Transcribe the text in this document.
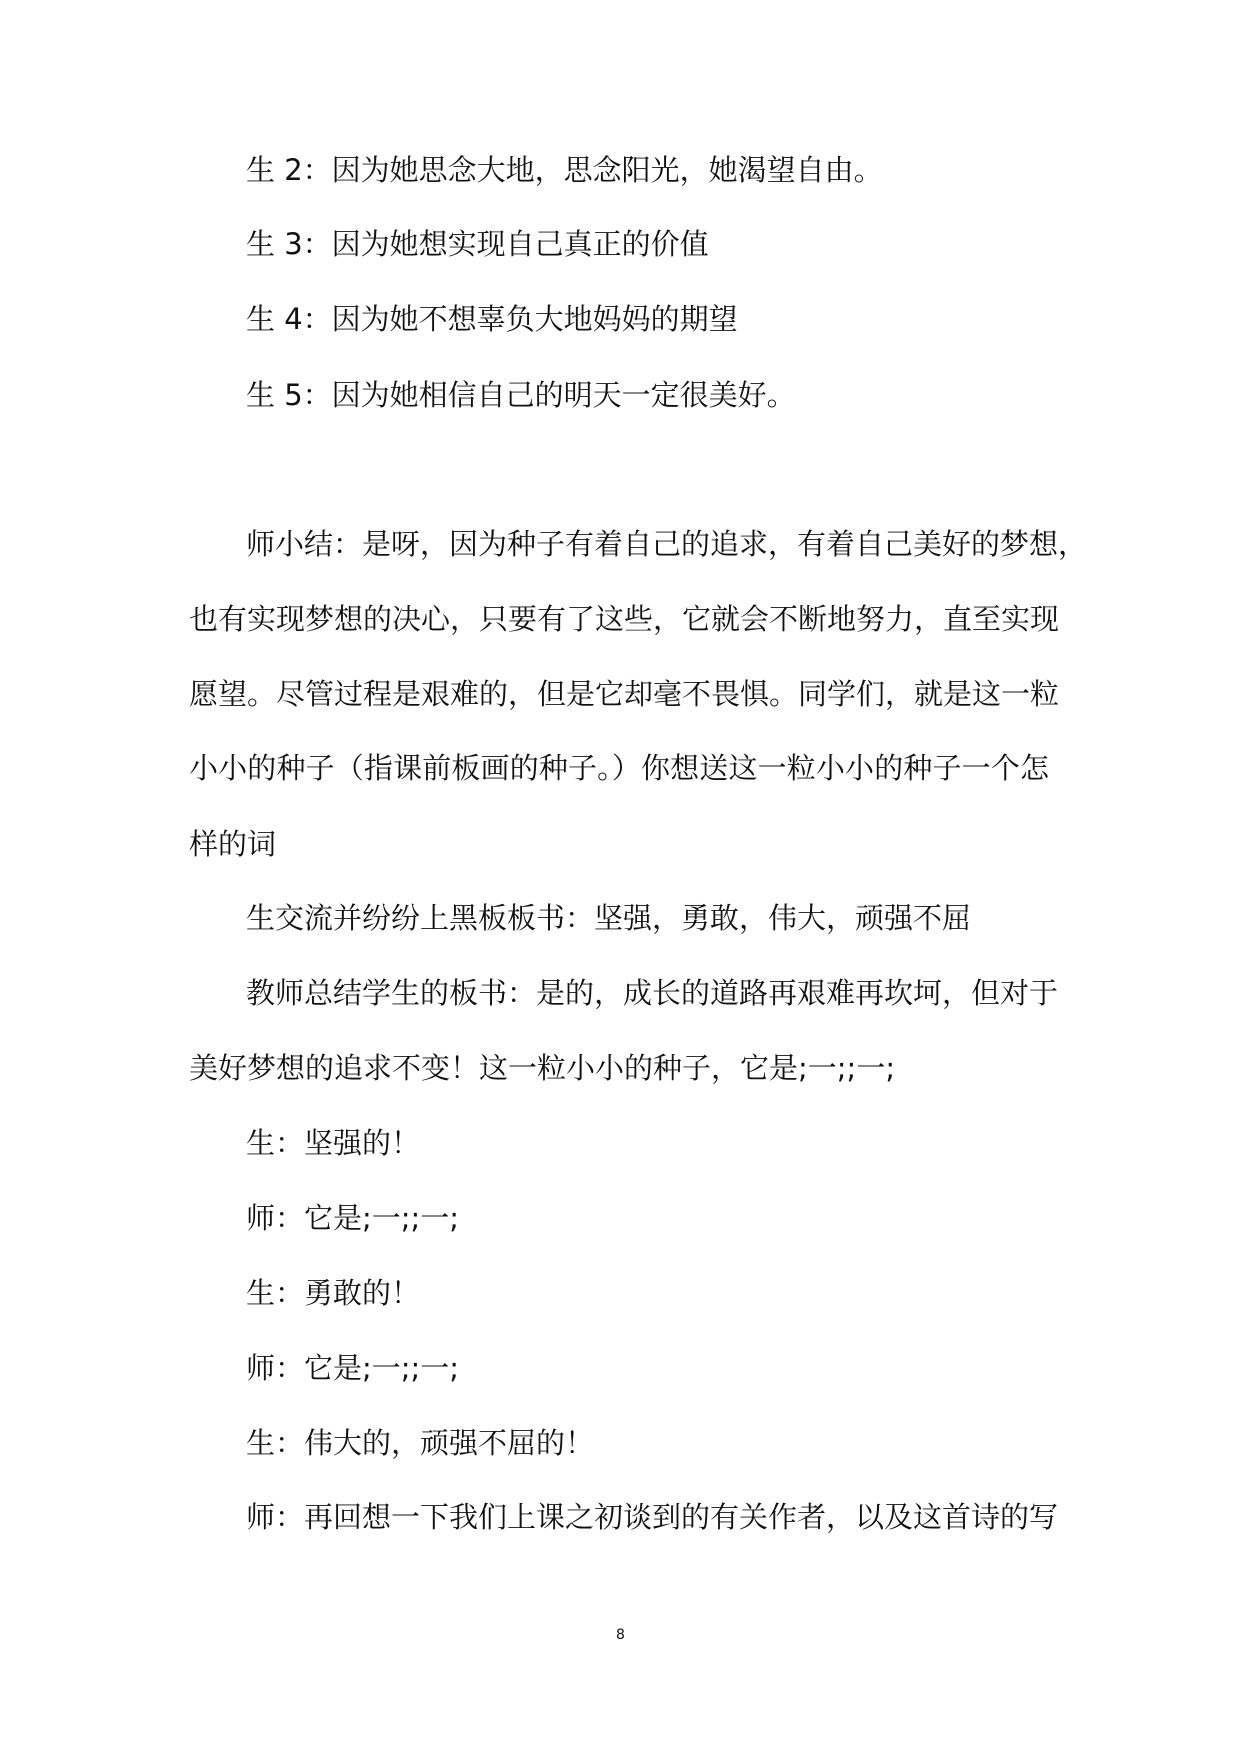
生 2：因为她思念大地，思念阳光，她渴望自由。
生 3：因为她想实现自己真正的价值
生 4：因为她不想辜负大地妈妈的期望
生 5：因为她相信自己的明天一定很美好。
师小结：是呀，因为种子有着自己的追求，有着自己美好的梦想，
也有实现梦想的决心，只要有了这些，它就会不断地努力，直至实现
愿望。尽管过程是艰难的，但是它却毫不畏惧。同学们，就是这一粒
小小的种子（指课前板画的种子。）你想送这一粒小小的种子一个怎
样的词
生交流并纷纷上黑板板书：坚强，勇敢，伟大，顽强不屈
教师总结学生的板书：是的，成长的道路再艰难再坎坷，但对于
美好梦想的追求不变！这一粒小小的种子，它是;一;;一;
生：坚强的！
师：它是;一;;一;
生：勇敢的！
师：它是;一;;一;
生：伟大的，顽强不屈的！
师：再回想一下我们上课之初谈到的有关作者，以及这首诗的写
8
